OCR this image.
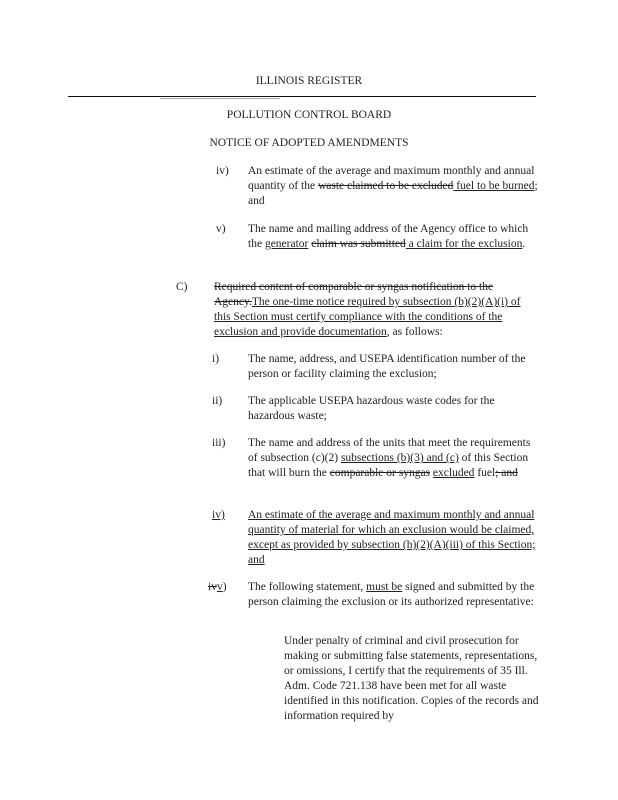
ILLINOIS REGISTER
POLLUTION CONTROL BOARD
NOTICE OF ADOPTED AMENDMENTS
iv) An estimate of the average and maximum monthly and annual quantity of the waste claimed to be excluded fuel to be burned; and
v) The name and mailing address of the Agency office to which the generator claim was submitted a claim for the exclusion.
C) Required content of comparable or syngas notification to the Agency.The one-time notice required by subsection (b)(2)(A)(i) of this Section must certify compliance with the conditions of the exclusion and provide documentation, as follows:
i)	The name, address, and USEPA identification number of the person or facility claiming the exclusion;
ii) The applicable USEPA hazardous waste codes for the hazardous waste;
iii) The name and address of the units that meet the requirements of subsection (c)(2) subsections (b)(3) and (c) of this Section that will burn the comparable or syngas excluded fuel; and
iv) An estimate of the average and maximum monthly and annual quantity of material for which an exclusion would be claimed, except as provided by subsection (h)(2)(A)(iii) of this Section; and
ivv) The following statement, must be signed and submitted by the person claiming the exclusion or its authorized representative:
Under penalty of criminal and civil prosecution for making or submitting false statements, representations, or omissions, I certify that the requirements of 35 Ill. Adm. Code 721.138 have been met for all waste identified in this notification. Copies of the records and information required by
